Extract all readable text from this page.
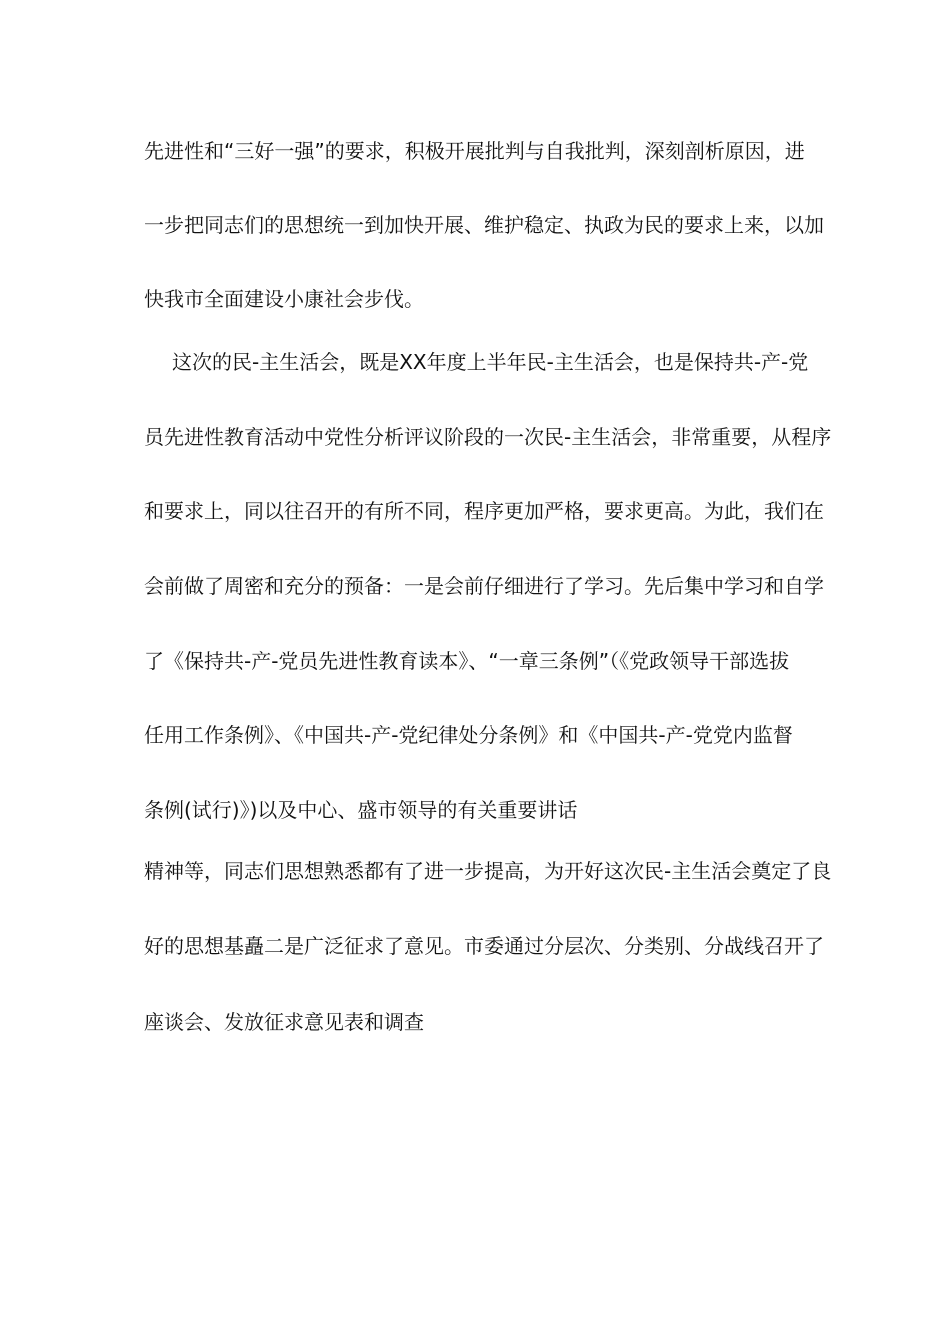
先进性和“三好一强”的要求，积极开展批判与自我批判，深刻剖析原因，进
一步把同志们的思想统一到加快开展、维护稳定、执政为民的要求上来，以加
快我市全面建设小康社会步伐。
这次的民-主生活会，既是XX年度上半年民-主生活会，也是保持共-产-党
员先进性教育活动中党性分析评议阶段的一次民-主生活会，非常重要，从程序
和要求上，同以往召开的有所不同，程序更加严格，要求更高。为此，我们在
会前做了周密和充分的预备：一是会前仔细进行了学习。先后集中学习和自学
了《保持共-产-党员先进性教育读本》、“一章三条例”（《党政领导干部选拔
任用工作条例》、《中国共-产-党纪律处分条例》和《中国共-产-党党内监督
条例(试行)》)以及中心、盛市领导的有关重要讲话
精神等，同志们思想熟悉都有了进一步提高，为开好这次民-主生活会奠定了良
好的思想基矗二是广泛征求了意见。市委通过分层次、分类别、分战线召开了
座谈会、发放征求意见表和调查
